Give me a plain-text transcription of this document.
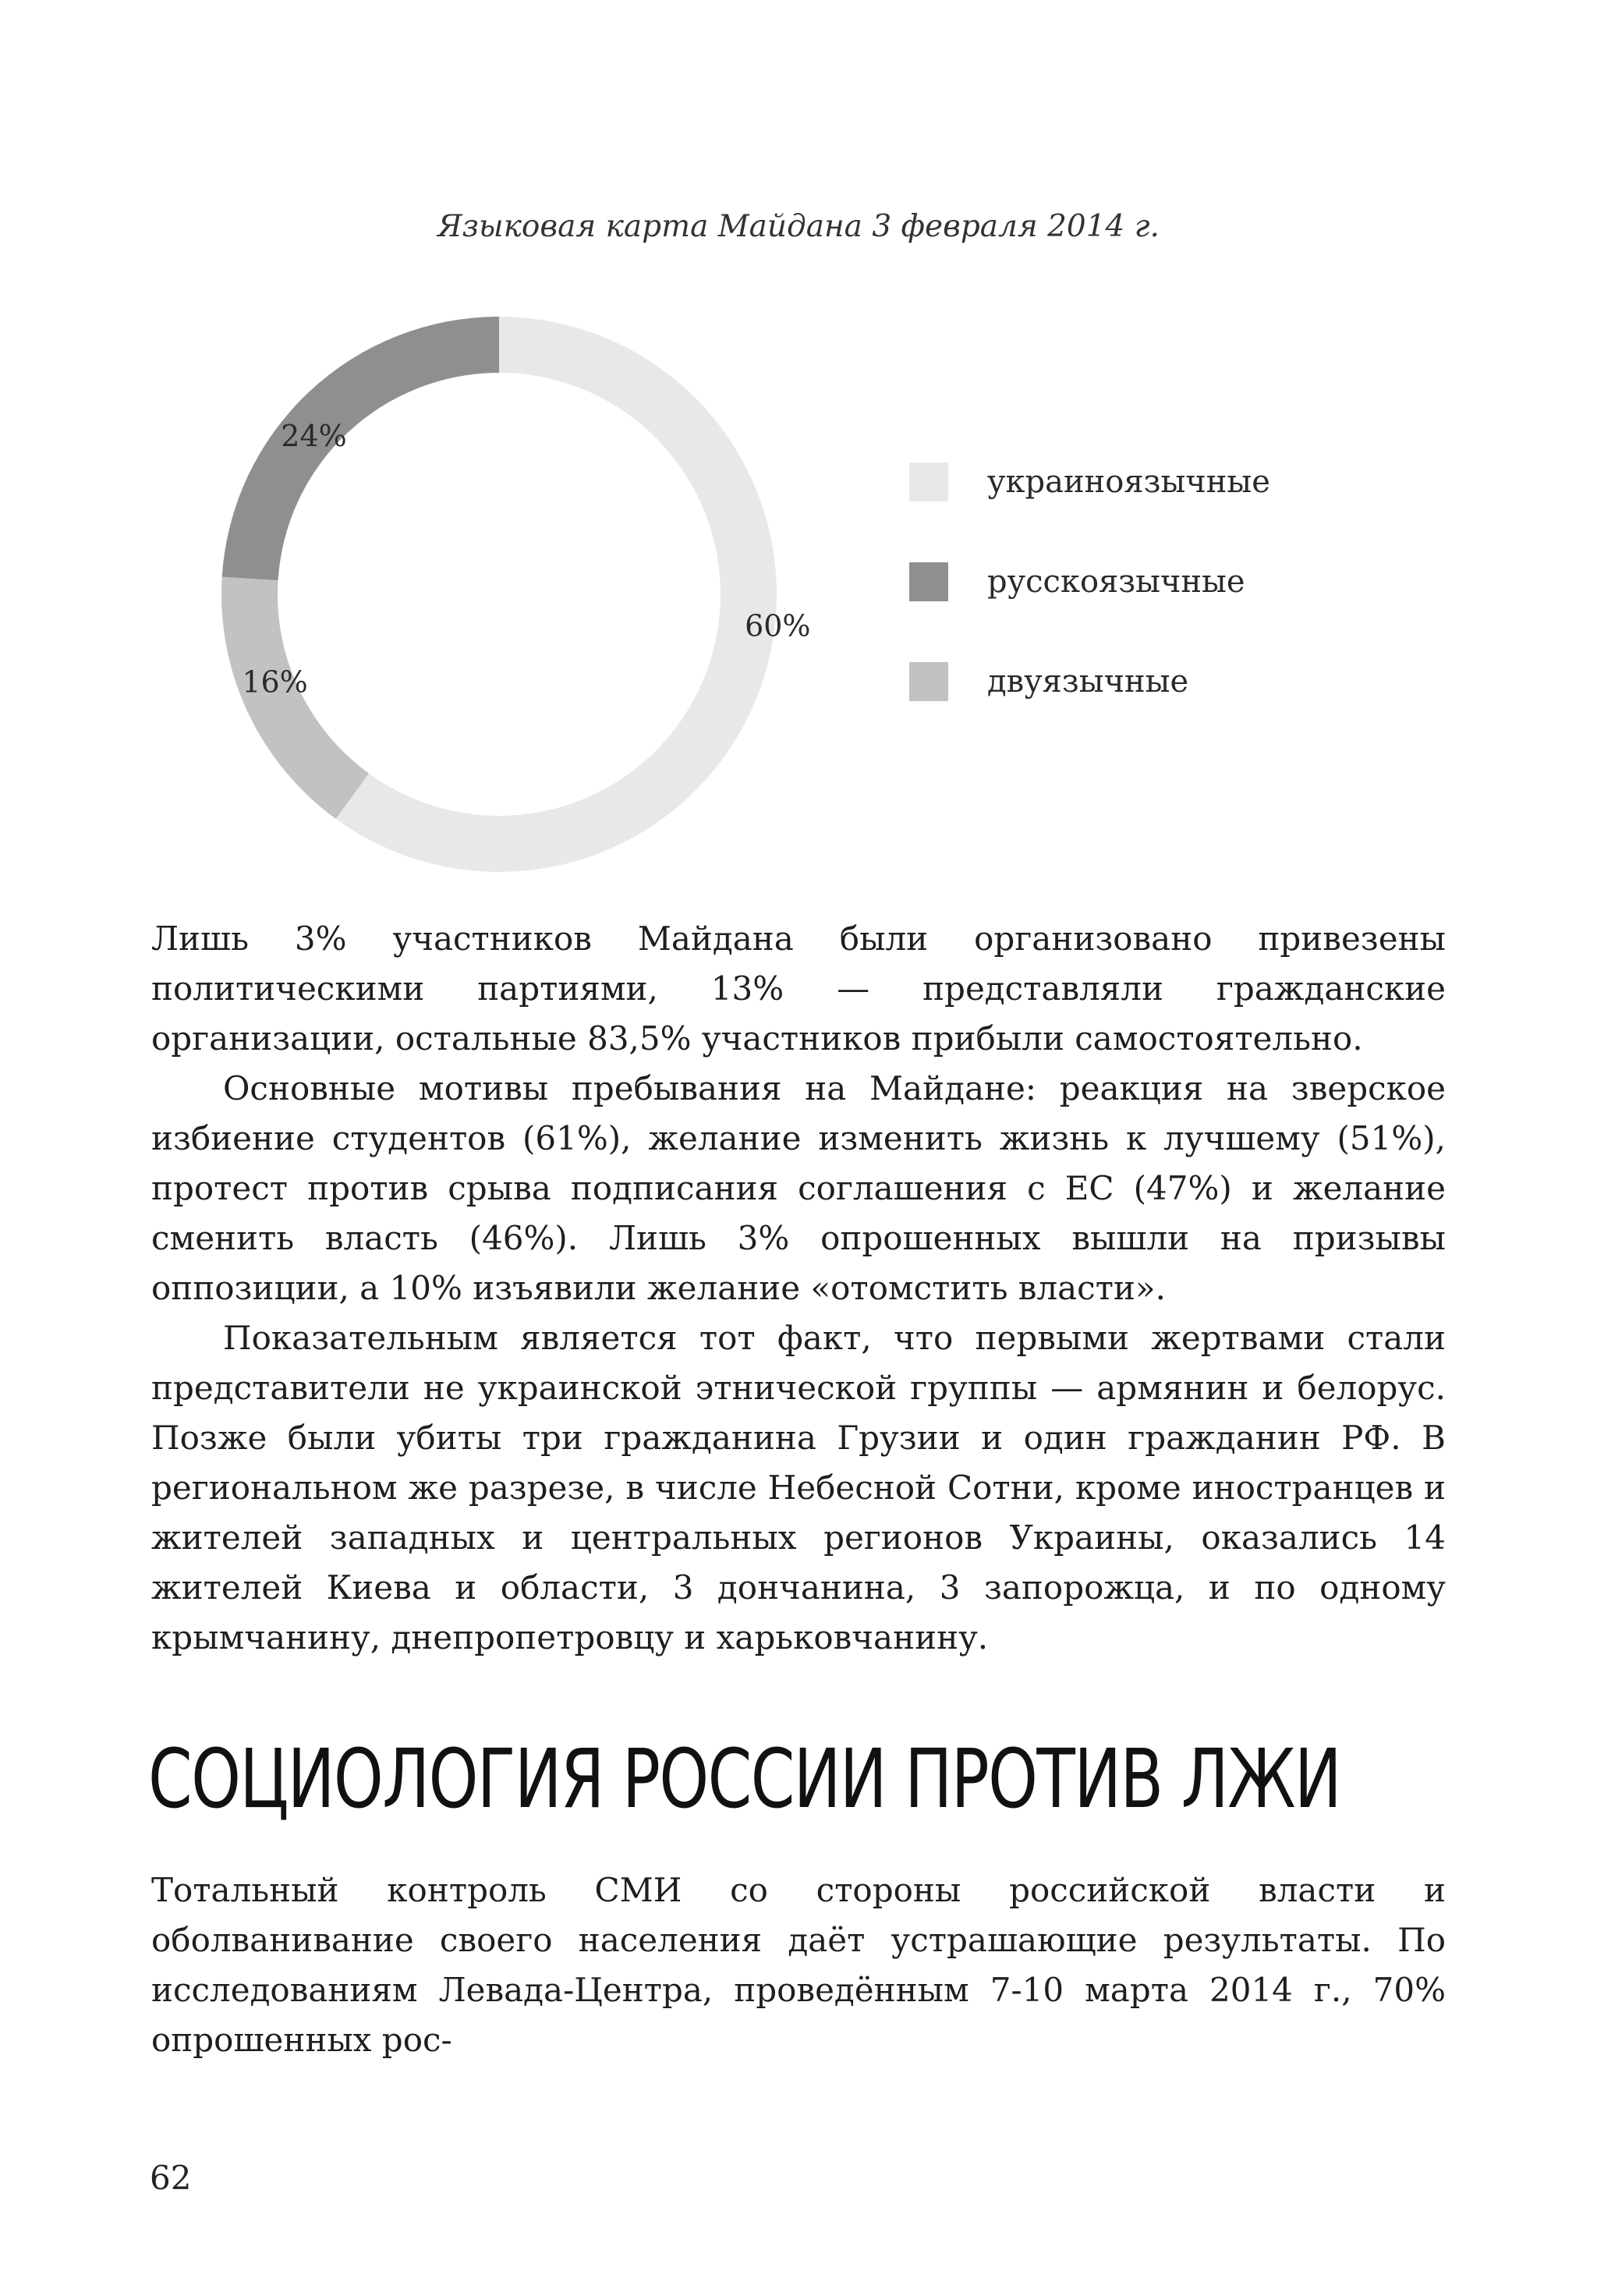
Языковая карта Майдана 3 февраля 2014 г.
60%
16%
24%
украиноязычные
русскоязычные
двуязычные

Лишь 3% участников Майдана были организовано привезены политическими партиями, 13% — представляли гражданские организации, остальные 83,5% участников прибыли самостоятельно.

Основные мотивы пребывания на Майдане: реакция на зверское избиение студентов (61%), желание изменить жизнь к лучшему (51%), протест против срыва подписания соглашения с ЕС (47%) и желание сменить власть (46%). Лишь 3% опрошенных вышли на призывы оппозиции, а 10% изъявили желание «отомстить власти».

Показательным является тот факт, что первыми жертвами стали представители не украинской этнической группы — армянин и белорус. Позже были убиты три гражданина Грузии и один гражданин РФ. В региональном же разрезе, в числе Небесной Сотни, кроме иностранцев и жителей западных и центральных регионов Украины, оказались 14 жителей Киева и области, 3 дончанина, 3 запорожца, и по одному крымчанину, днепропетровцу и харьковчанину.

СОЦИОЛОГИЯ РОССИИ ПРОТИВ ЛЖИ

Тотальный контроль СМИ со стороны российской власти и оболванивание своего населения даёт устрашающие результаты. По исследованиям Левада-Центра, проведённым 7-10 марта 2014 г., 70% опрошенных рос-

62
